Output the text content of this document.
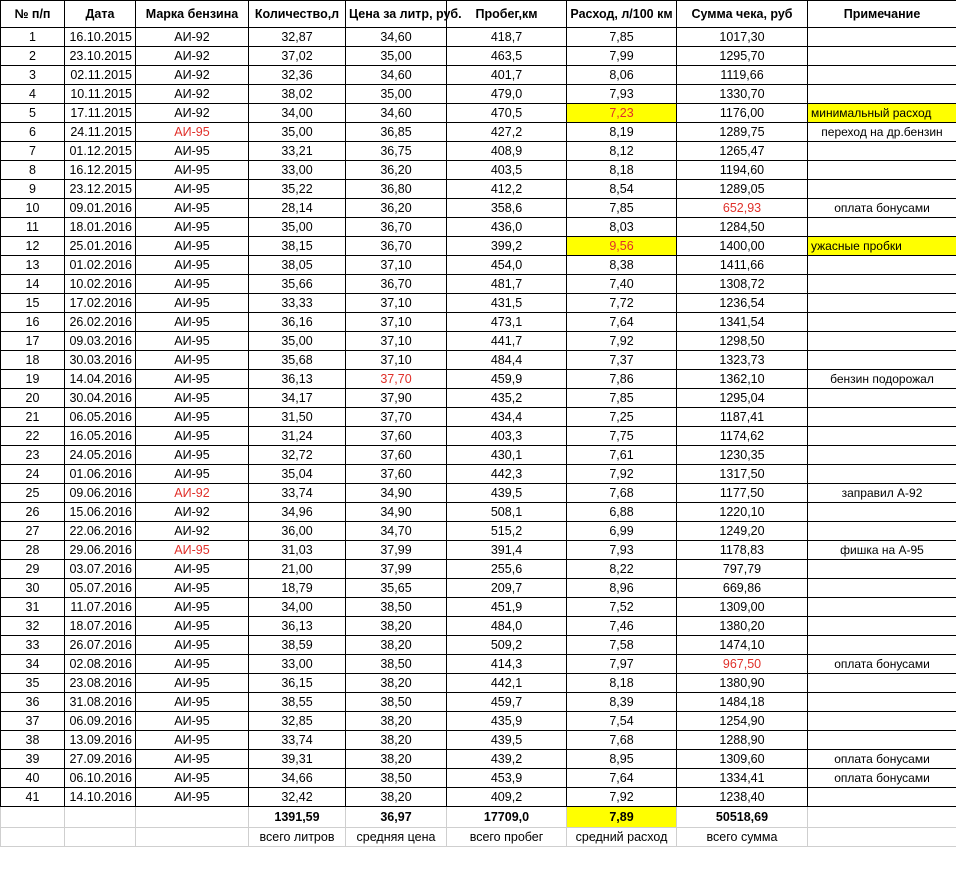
№ п/п	Дата	Марка бензина	Количество,л	Цена за литр, руб.	Пробег,км	Расход, л/100 км	Сумма чека, руб	Примечание
1	16.10.2015	АИ-92	32,87	34,60	418,7	7,85	1017,30	
2	23.10.2015	АИ-92	37,02	35,00	463,5	7,99	1295,70	
3	02.11.2015	АИ-92	32,36	34,60	401,7	8,06	1119,66	
4	10.11.2015	АИ-92	38,02	35,00	479,0	7,93	1330,70	
5	17.11.2015	АИ-92	34,00	34,60	470,5	7,23	1176,00	минимальный расход
6	24.11.2015	АИ-95	35,00	36,85	427,2	8,19	1289,75	переход на др.бензин
7	01.12.2015	АИ-95	33,21	36,75	408,9	8,12	1265,47	
8	16.12.2015	АИ-95	33,00	36,20	403,5	8,18	1194,60	
9	23.12.2015	АИ-95	35,22	36,80	412,2	8,54	1289,05	
10	09.01.2016	АИ-95	28,14	36,20	358,6	7,85	652,93	оплата бонусами
11	18.01.2016	АИ-95	35,00	36,70	436,0	8,03	1284,50	
12	25.01.2016	АИ-95	38,15	36,70	399,2	9,56	1400,00	ужасные пробки
13	01.02.2016	АИ-95	38,05	37,10	454,0	8,38	1411,66	
14	10.02.2016	АИ-95	35,66	36,70	481,7	7,40	1308,72	
15	17.02.2016	АИ-95	33,33	37,10	431,5	7,72	1236,54	
16	26.02.2016	АИ-95	36,16	37,10	473,1	7,64	1341,54	
17	09.03.2016	АИ-95	35,00	37,10	441,7	7,92	1298,50	
18	30.03.2016	АИ-95	35,68	37,10	484,4	7,37	1323,73	
19	14.04.2016	АИ-95	36,13	37,70	459,9	7,86	1362,10	бензин подорожал
20	30.04.2016	АИ-95	34,17	37,90	435,2	7,85	1295,04	
21	06.05.2016	АИ-95	31,50	37,70	434,4	7,25	1187,41	
22	16.05.2016	АИ-95	31,24	37,60	403,3	7,75	1174,62	
23	24.05.2016	АИ-95	32,72	37,60	430,1	7,61	1230,35	
24	01.06.2016	АИ-95	35,04	37,60	442,3	7,92	1317,50	
25	09.06.2016	АИ-92	33,74	34,90	439,5	7,68	1177,50	заправил А-92
26	15.06.2016	АИ-92	34,96	34,90	508,1	6,88	1220,10	
27	22.06.2016	АИ-92	36,00	34,70	515,2	6,99	1249,20	
28	29.06.2016	АИ-95	31,03	37,99	391,4	7,93	1178,83	фишка на А-95
29	03.07.2016	АИ-95	21,00	37,99	255,6	8,22	797,79	
30	05.07.2016	АИ-95	18,79	35,65	209,7	8,96	669,86	
31	11.07.2016	АИ-95	34,00	38,50	451,9	7,52	1309,00	
32	18.07.2016	АИ-95	36,13	38,20	484,0	7,46	1380,20	
33	26.07.2016	АИ-95	38,59	38,20	509,2	7,58	1474,10	
34	02.08.2016	АИ-95	33,00	38,50	414,3	7,97	967,50	оплата бонусами
35	23.08.2016	АИ-95	36,15	38,20	442,1	8,18	1380,90	
36	31.08.2016	АИ-95	38,55	38,50	459,7	8,39	1484,18	
37	06.09.2016	АИ-95	32,85	38,20	435,9	7,54	1254,90	
38	13.09.2016	АИ-95	33,74	38,20	439,5	7,68	1288,90	
39	27.09.2016	АИ-95	39,31	38,20	439,2	8,95	1309,60	оплата бонусами
40	06.10.2016	АИ-95	34,66	38,50	453,9	7,64	1334,41	оплата бонусами
41	14.10.2016	АИ-95	32,42	38,20	409,2	7,92	1238,40	
			1391,59	36,97	17709,0	7,89	50518,69	
			всего литров	средняя цена	всего пробег	средний расход	всего сумма	
